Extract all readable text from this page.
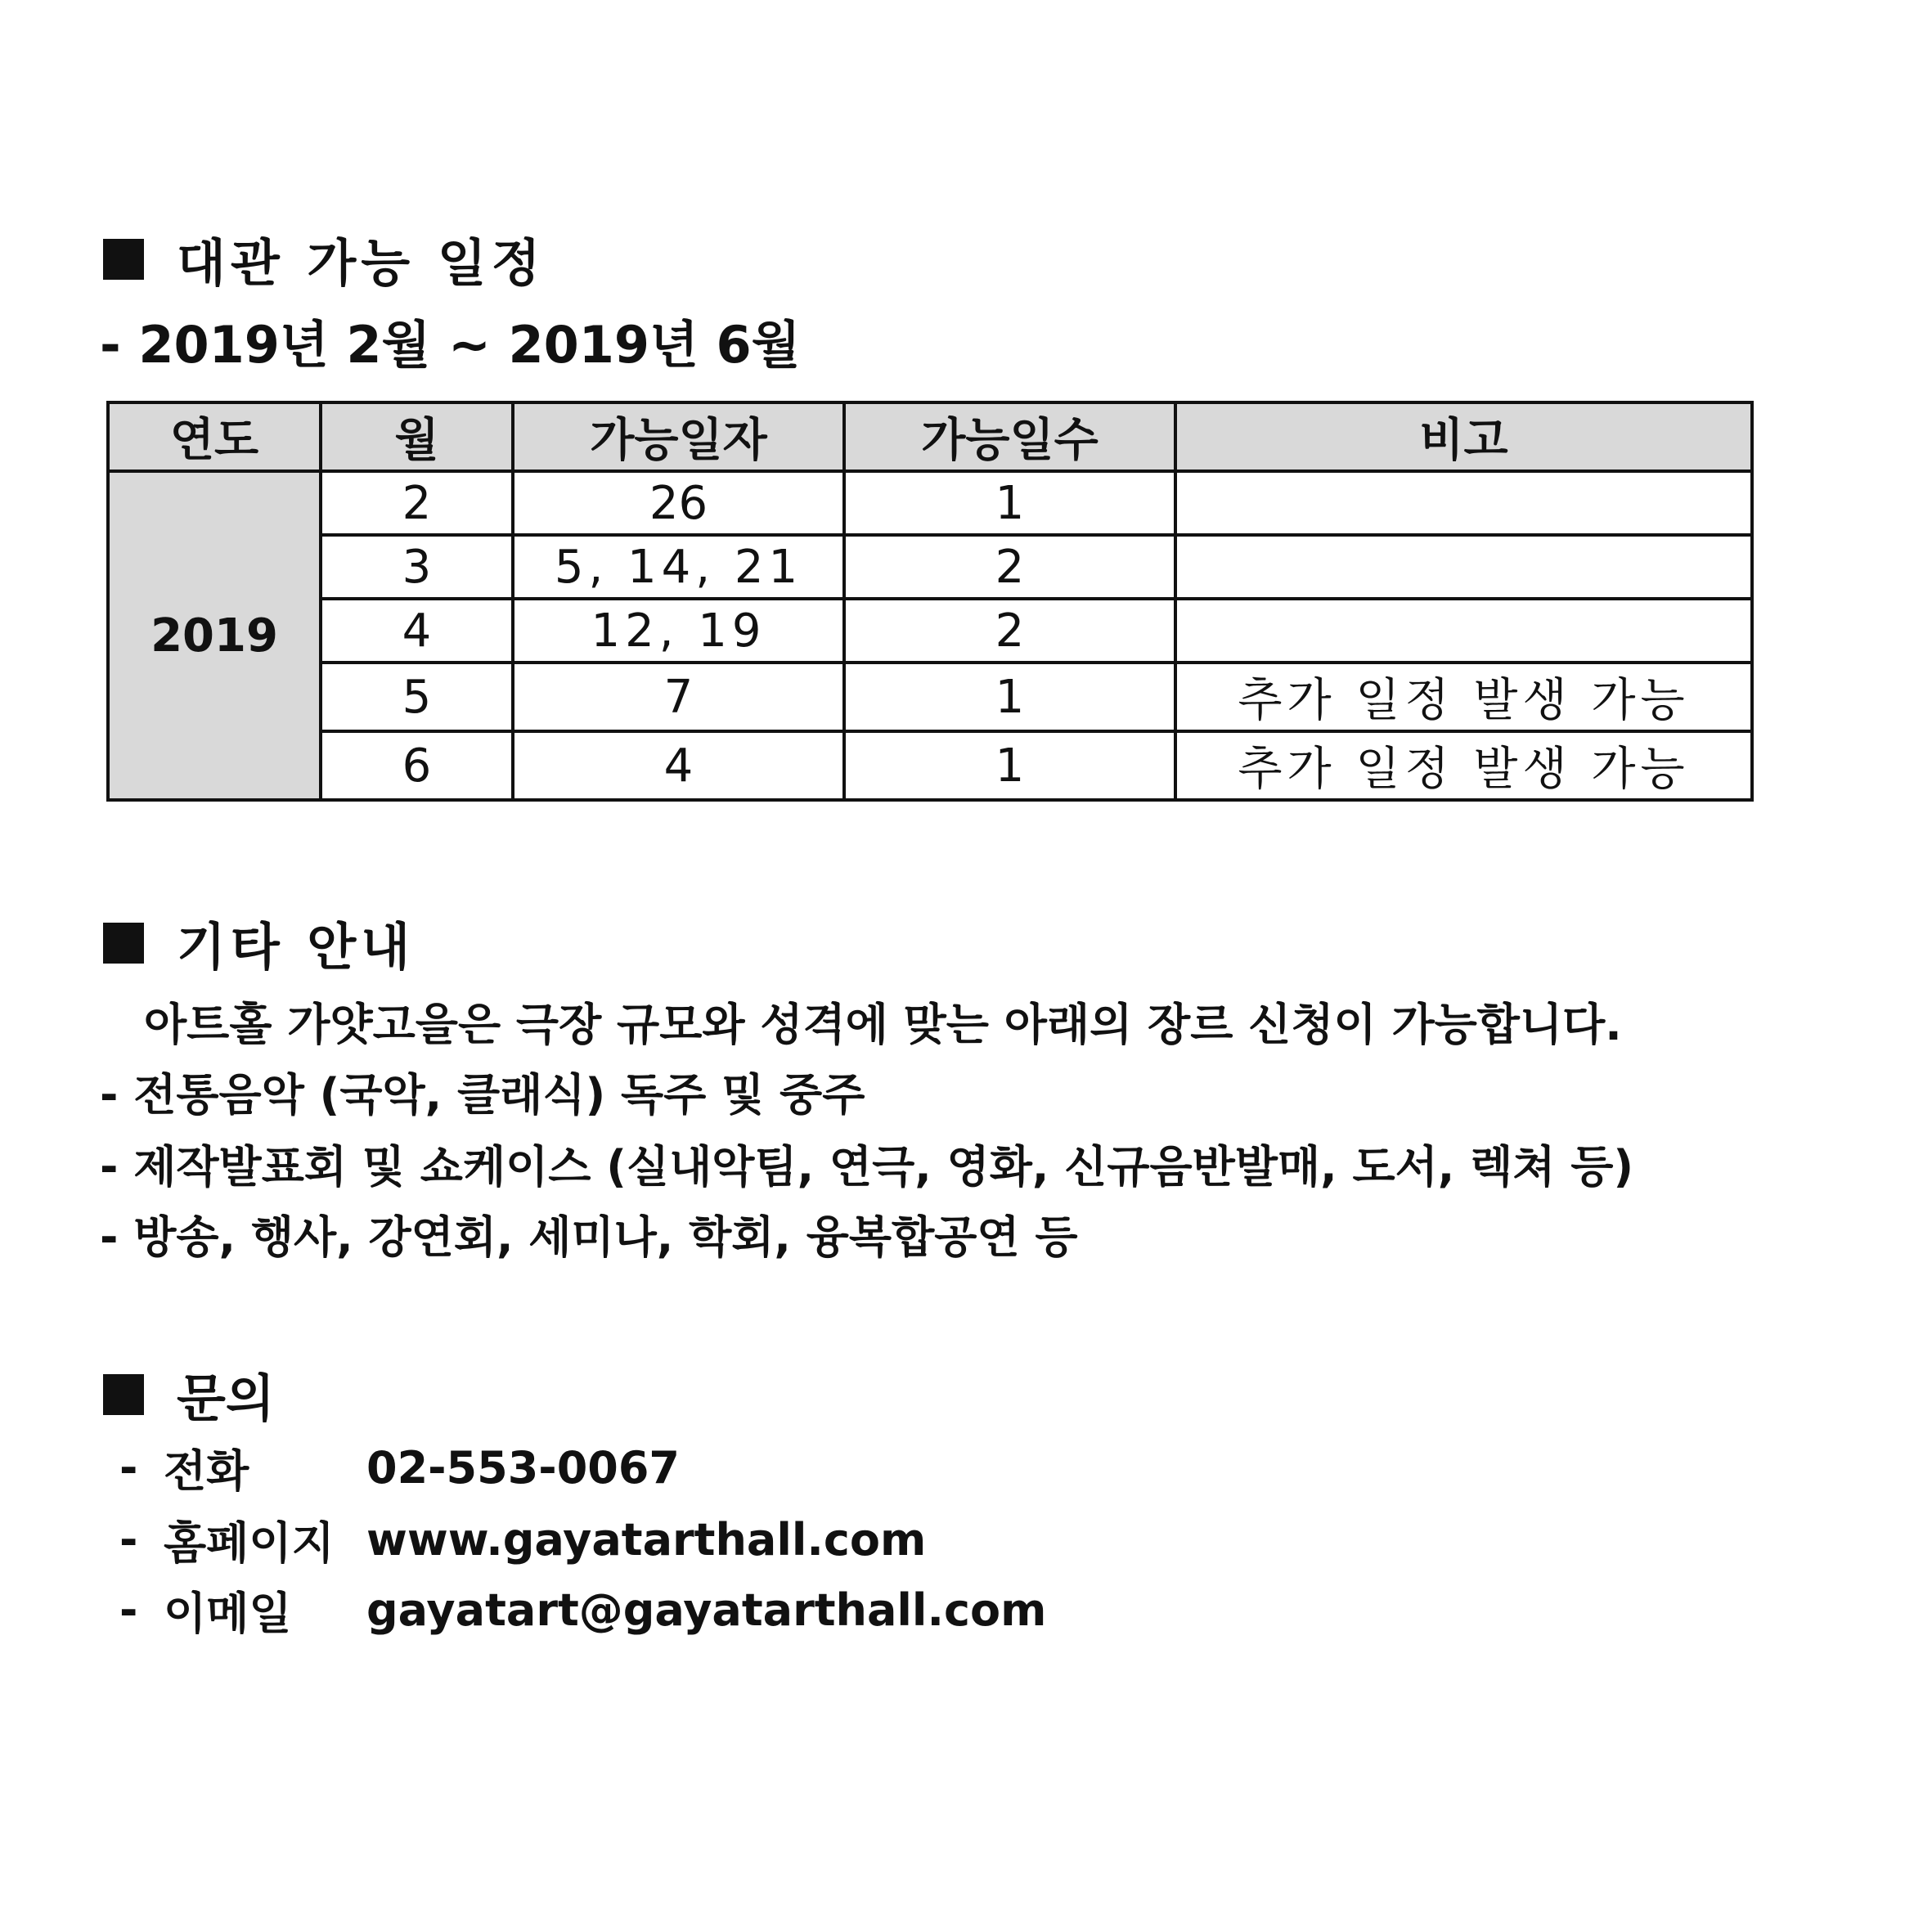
대관 가능 일정
- 2019년 2월 ~ 2019년 6월
연도	월	가능일자	가능일수	비고
2019	2	26	1	
	3	5, 14, 21	2	
	4	12, 19	2	
	5	7	1	추가 일정 발생 가능
	6	4	1	추가 일정 발생 가능
기타 안내
아트홀 가얏고을은 극장 규모와 성격에 맞는 아래의 장르 신청이 가능합니다.
- 전통음악 (국악, 클래식) 독주 및 중주
- 제작발표회 및 쇼케이스 (실내악팀, 연극, 영화, 신규음반발매, 도서, 렉쳐 등)
- 방송, 행사, 강연회, 세미나, 학회, 융복합공연 등
문의
- 전화	02-553-0067
- 홈페이지 www.gayatarthall.com
- 이메일	gayatart@gayatarthall.com
